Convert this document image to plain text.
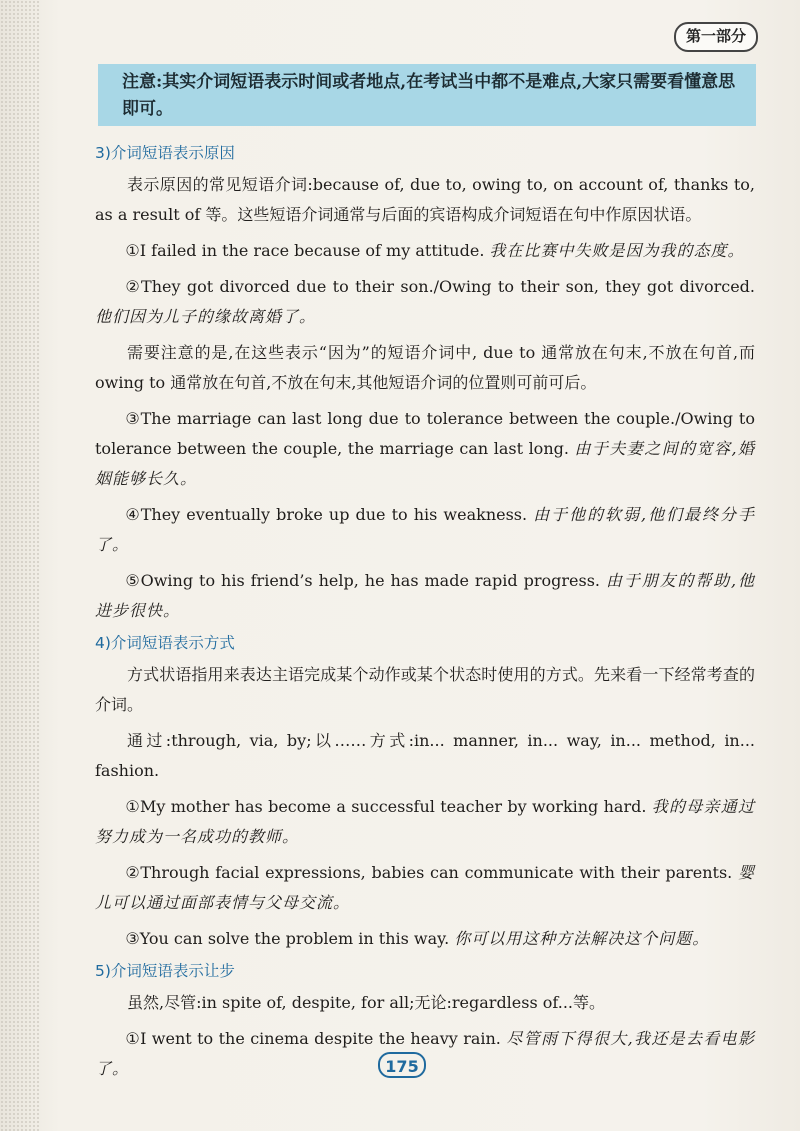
第一部分
注意:其实介词短语表示时间或者地点,在考试当中都不是难点,大家只需要看懂意思即可。
3)介词短语表示原因

表示原因的常见短语介词:because of, due to, owing to, on account of, thanks to, as a result of 等。这些短语介词通常与后面的宾语构成介词短语在句中作原因状语。

①I failed in the race because of my attitude. 我在比赛中失败是因为我的态度。

②They got divorced due to their son./Owing to their son, they got divorced. 他们因为儿子的缘故离婚了。

需要注意的是,在这些表示“因为”的短语介词中, due to 通常放在句末,不放在句首,而 owing to 通常放在句首,不放在句末,其他短语介词的位置则可前可后。

③The marriage can last long due to tolerance between the couple./Owing to tolerance between the couple, the marriage can last long. 由于夫妻之间的宽容,婚姻能够长久。

④They eventually broke up due to his weakness. 由于他的软弱,他们最终分手了。

⑤Owing to his friend’s help, he has made rapid progress. 由于朋友的帮助,他进步很快。

4)介词短语表示方式

方式状语指用来表达主语完成某个动作或某个状态时使用的方式。先来看一下经常考查的介词。

通过:through, via, by;以……方式:in... manner, in... way, in... method, in... fashion.

①My mother has become a successful teacher by working hard. 我的母亲通过努力成为一名成功的教师。

②Through facial expressions, babies can communicate with their parents. 婴儿可以通过面部表情与父母交流。

③You can solve the problem in this way. 你可以用这种方法解决这个问题。

5)介词短语表示让步

虽然,尽管:in spite of, despite, for all;无论:regardless of...等。

①I went to the cinema despite the heavy rain. 尽管雨下得很大,我还是去看电影了。	175
